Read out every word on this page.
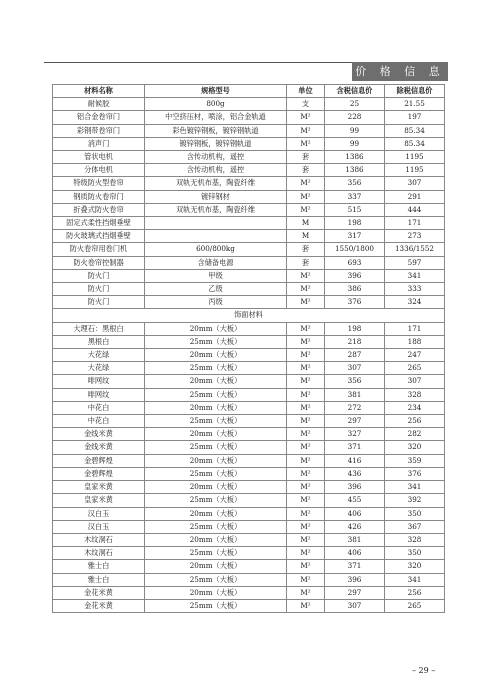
价 格 信 息
材料名称	规格型号	单位	含税信息价	除税信息价
耐候胶	800g	支	25	21.55
铝合金卷帘门	中空挤压材，喷涂，铝合金轨道	M²	228	197
彩钢带卷帘门	彩色镀锌钢板，镀锌钢轨道	M²	99	85.34
消声门	镀锌钢板，镀锌钢轨道	M²	99	85.34
管状电机	含传动机构，遥控	套	1386	1195
分体电机	含传动机构，遥控	套	1386	1195
特级防火型卷帘	双轨无机布基，陶瓷纤维	M²	356	307
钢质防火卷帘门	镀锌钢材	M²	337	291
折叠式防火卷帘	双轨无机布基，陶瓷纤维	M²	515	444
固定式柔性挡烟垂壁		M	198	171
防火玻璃式挡烟垂壁		M	317	273
防火卷帘用卷门机	600/800kg	套	1550/1800	1336/1552
防火卷帘控制器	含储备电源	套	693	597
防火门	甲级	M²	396	341
防火门	乙级	M²	386	333
防火门	丙级	M²	376	324
饰面材料				
大理石：黑根白	20mm（大板）	M²	198	171
黑根白	25mm（大板）	M²	218	188
大花绿	20mm（大板）	M²	287	247
大花绿	25mm（大板）	M²	307	265
啡网纹	20mm（大板）	M²	356	307
啡网纹	25mm（大板）	M²	381	328
中花白	20mm（大板）	M²	272	234
中花白	25mm（大板）	M²	297	256
金线米黄	20mm（大板）	M²	327	282
金线米黄	25mm（大板）	M²	371	320
金碧辉煌	20mm（大板）	M²	416	359
金碧辉煌	25mm（大板）	M²	436	376
皇家米黄	20mm（大板）	M²	396	341
皇家米黄	25mm（大板）	M²	455	392
汉白玉	20mm（大板）	M²	406	350
汉白玉	25mm（大板）	M²	426	367
木纹洞石	20mm（大板）	M²	381	328
木纹洞石	25mm（大板）	M²	406	350
雅士白	20mm（大板）	M²	371	320
雅士白	25mm（大板）	M²	396	341
金花米黄	20mm（大板）	M²	297	256
金花米黄	25mm（大板）	M²	307	265
– 29 –
